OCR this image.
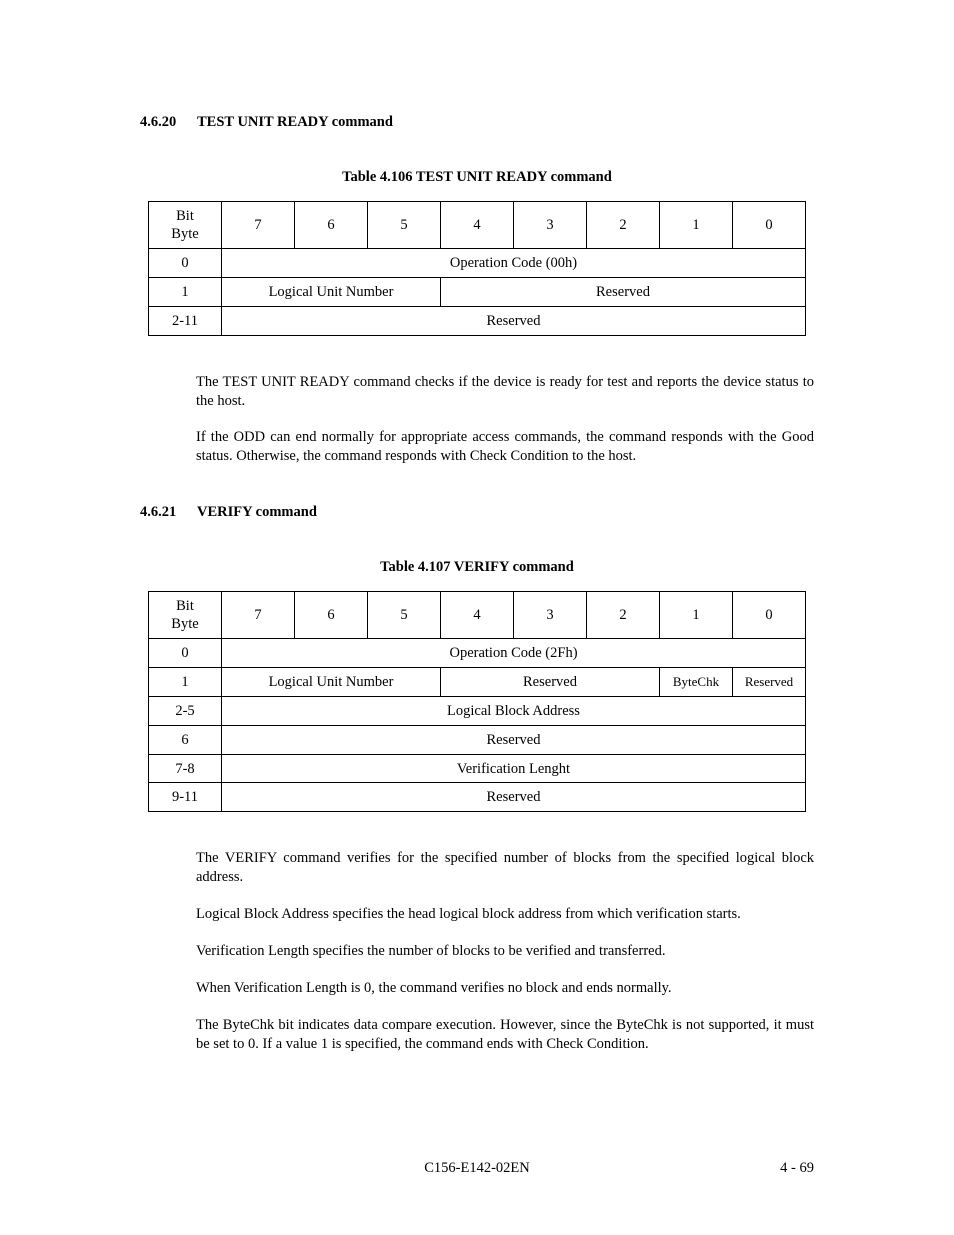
4.6.20 TEST UNIT READY command
Table 4.106 TEST UNIT READY command
Bit
Byte	7	6	5	4	3	2	1	0
0	Operation Code (00h)							
1	Logical Unit Number			Reserved				
2-11	Reserved							
The TEST UNIT READY command checks if the device is ready for test and reports the device status to the host.
If the ODD can end normally for appropriate access commands, the command responds with the Good status. Otherwise, the command responds with Check Condition to the host.
4.6.21 VERIFY command
Table 4.107 VERIFY command
Bit
Byte	7	6	5	4	3	2	1	0
0	Operation Code (2Fh)							
1	Logical Unit Number			Reserved			ByteChk	Reserved
2-5	Logical Block Address							
6	Reserved							
7-8	Verification Lenght							
9-11	Reserved							
The VERIFY command verifies for the specified number of blocks from the specified logical block address.
Logical Block Address specifies the head logical block address from which verification starts.
Verification Length specifies the number of blocks to be verified and transferred.
When Verification Length is 0, the command verifies no block and ends normally.
The ByteChk bit indicates data compare execution. However, since the ByteChk is not supported, it must be set to 0. If a value 1 is specified, the command ends with Check Condition.
C156-E142-02EN	4 - 69
